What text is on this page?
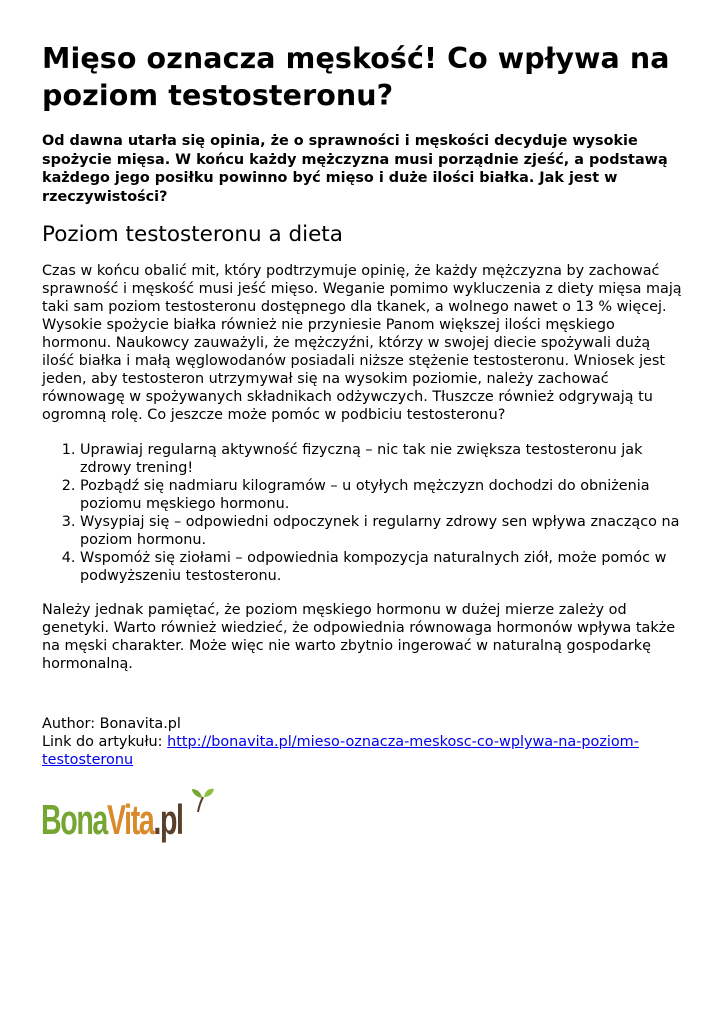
Mięso oznacza męskość! Co wpływa na poziom testosteronu?

Od dawna utarła się opinia, że o sprawności i męskości decyduje wysokie spożycie mięsa. W końcu każdy mężczyzna musi porządnie zjeść, a podstawą każdego jego posiłku powinno być mięso i duże ilości białka. Jak jest w rzeczywistości?

Poziom testosteronu a dieta

Czas w końcu obalić mit, który podtrzymuje opinię, że każdy mężczyzna by zachować sprawność i męskość musi jeść mięso. Weganie pomimo wykluczenia z diety mięsa mają taki sam poziom testosteronu dostępnego dla tkanek, a wolnego nawet o 13 % więcej. Wysokie spożycie białka również nie przyniesie Panom większej ilości męskiego hormonu. Naukowcy zauważyli, że mężczyźni, którzy w swojej diecie spożywali dużą ilość białka i małą węglowodanów posiadali niższe stężenie testosteronu. Wniosek jest jeden, aby testosteron utrzymywał się na wysokim poziomie, należy zachować równowagę w spożywanych składnikach odżywczych. Tłuszcze również odgrywają tu ogromną rolę. Co jeszcze może pomóc w podbiciu testosteronu?

1. Uprawiaj regularną aktywność fizyczną – nic tak nie zwiększa testosteronu jak zdrowy trening!
2. Pozbądź się nadmiaru kilogramów – u otyłych mężczyzn dochodzi do obniżenia poziomu męskiego hormonu.
3. Wysypiaj się – odpowiedni odpoczynek i regularny zdrowy sen wpływa znacząco na poziom hormonu.
4. Wspomóż się ziołami – odpowiednia kompozycja naturalnych ziół, może pomóc w podwyższeniu testosteronu.

Należy jednak pamiętać, że poziom męskiego hormonu w dużej mierze zależy od genetyki. Warto również wiedzieć, że odpowiednia równowaga hormonów wpływa także na męski charakter. Może więc nie warto zbytnio ingerować w naturalną gospodarkę hormonalną.

Author: Bonavita.pl
Link do artykułu: http://bonavita.pl/mieso-oznacza-meskosc-co-wplywa-na-poziom-testosteronu
BonaVita.pl
